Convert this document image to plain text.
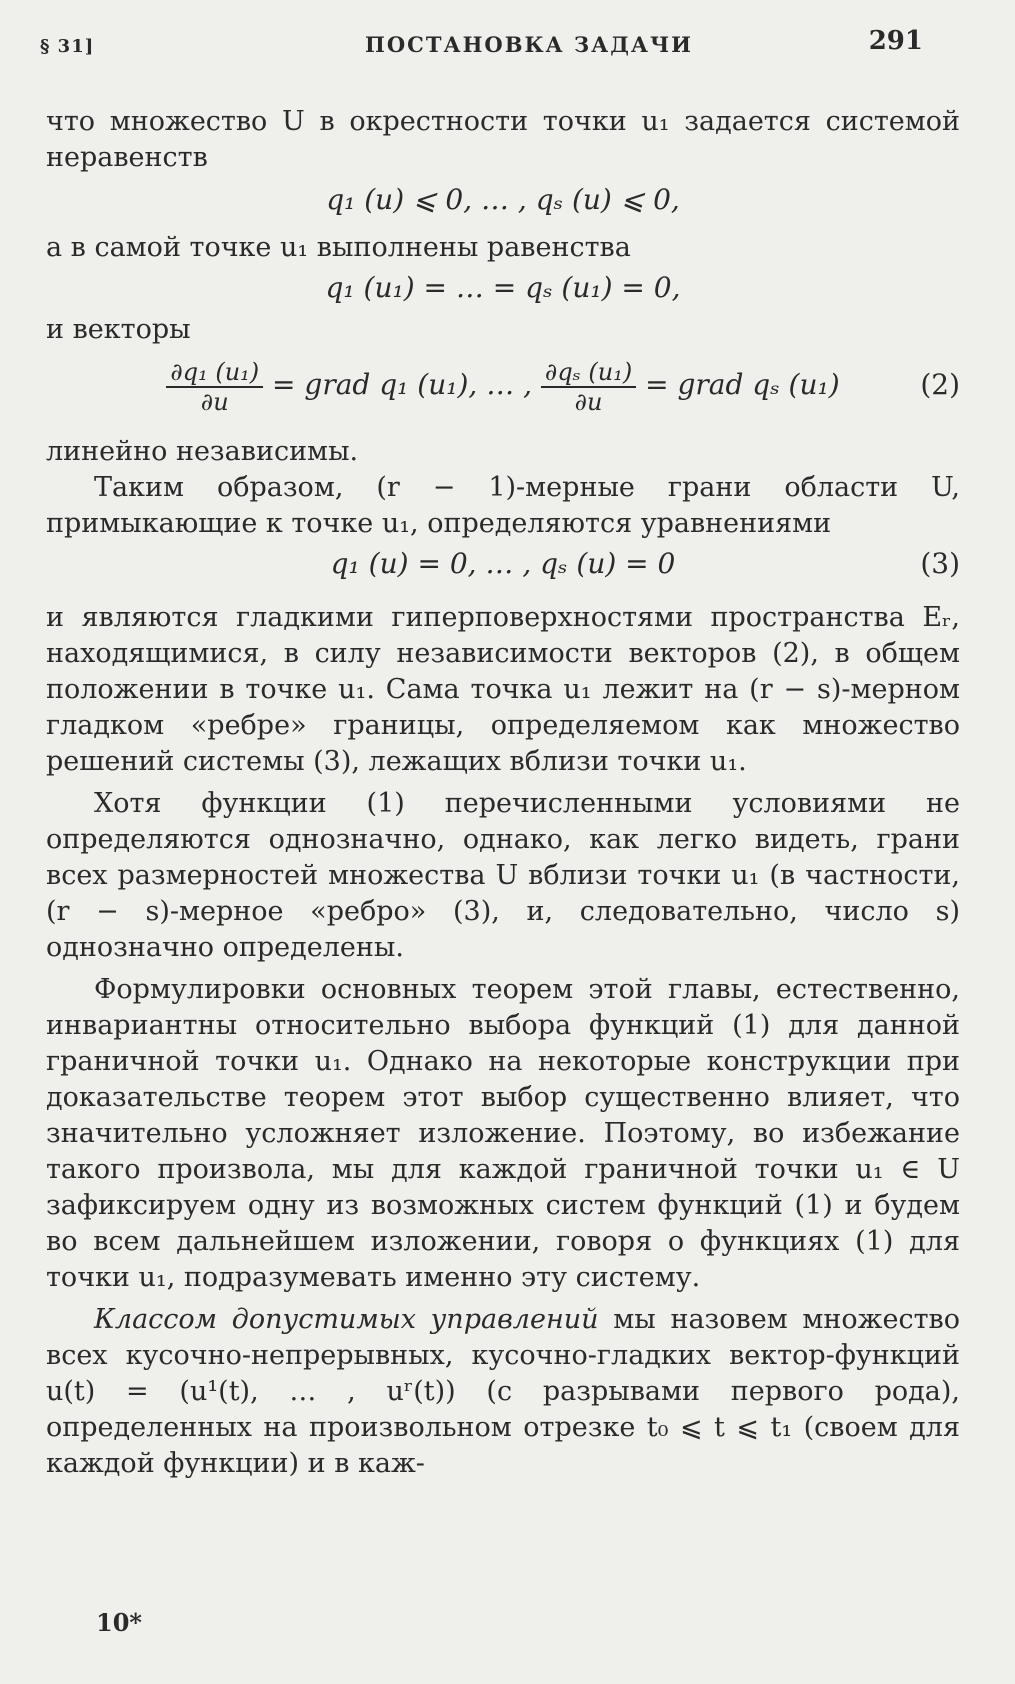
§ 31]	ПОСТАНОВКА ЗАДАЧИ	291

что множество U в окрестности точки u₁ задается системой неравенств

q₁ (u) ⩽ 0, … , qₛ (u) ⩽ 0,

а в самой точке u₁ выполнены равенства

q₁ (u₁) = … = qₛ (u₁) = 0,

и векторы

$\frac{\text{∂q₁ (u₁)}}{\partial u}$ = grad q₁ (u₁), … , $\frac{\text{∂qₛ (u₁)}}{\partial u}$ = grad qₛ (u₁)	(2)

линейно независимы.

Таким образом, (r − 1)-мерные грани области U, примыкающие к точке u₁, определяются уравнениями

q₁ (u) = 0, … , qₛ (u) = 0	(3)

и являются гладкими гиперповерхностями пространства Eᵣ, находящимися, в силу независимости векторов (2), в общем положении в точке u₁. Сама точка u₁ лежит на (r − s)-мерном гладком «ребре» границы, определяемом как множество решений системы (3), лежащих вблизи точки u₁.

Хотя функции (1) перечисленными условиями не определяются однозначно, однако, как легко видеть, грани всех размерностей множества U вблизи точки u₁ (в частности, (r − s)-мерное «ребро» (3), и, следовательно, число s) однозначно определены.

Формулировки основных теорем этой главы, естественно, инвариантны относительно выбора функций (1) для данной граничной точки u₁. Однако на некоторые конструкции при доказательстве теорем этот выбор существенно влияет, что значительно усложняет изложение. Поэтому, во избежание такого произвола, мы для каждой граничной точки u₁ ∈ U зафиксируем одну из возможных систем функций (1) и будем во всем дальнейшем изложении, говоря о функциях (1) для точки u₁, подразумевать именно эту систему.

Классом допустимых управлений мы назовем множество всех кусочно-непрерывных, кусочно-гладких вектор-функций u(t) = (u¹(t), … , uʳ(t)) (с разрывами первого рода), определенных на произвольном отрезке t₀ ⩽ t ⩽ t₁ (своем для каждой функции) и в каж-

10*
